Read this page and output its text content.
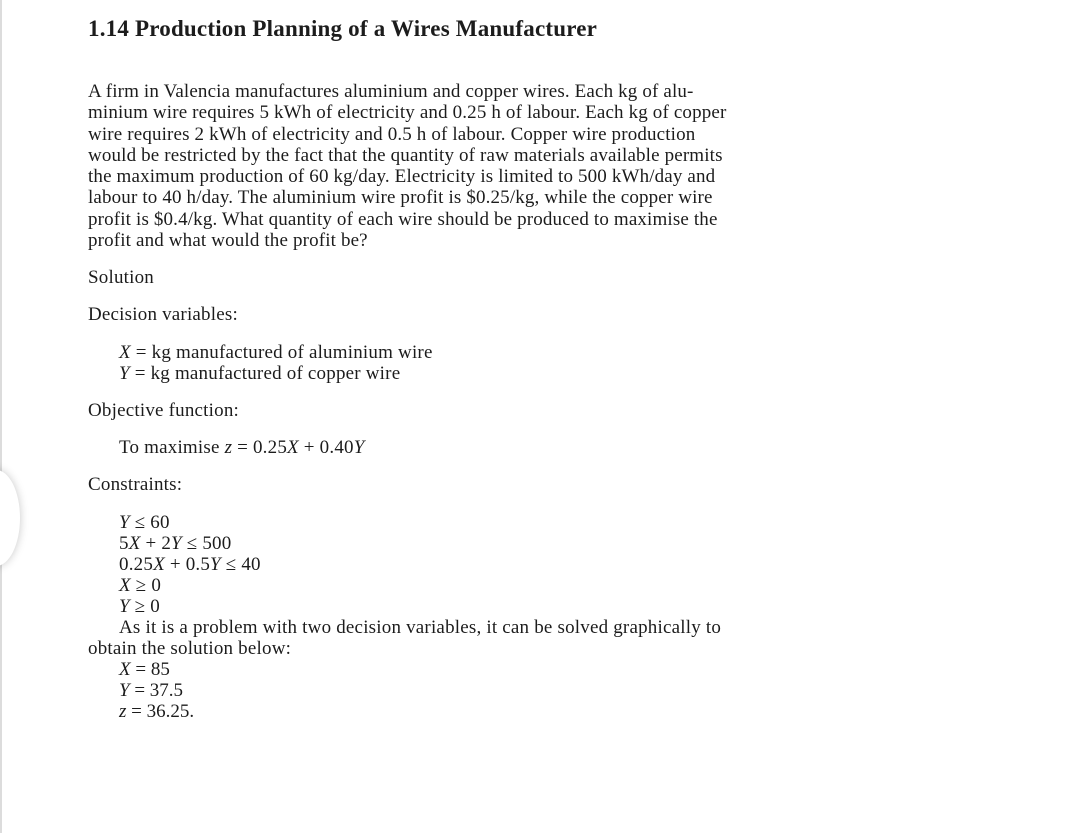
1.14 Production Planning of a Wires Manufacturer
A firm in Valencia manufactures aluminium and copper wires. Each kg of alu-
minium wire requires 5 kWh of electricity and 0.25 h of labour. Each kg of copper
wire requires 2 kWh of electricity and 0.5 h of labour. Copper wire production
would be restricted by the fact that the quantity of raw materials available permits
the maximum production of 60 kg/day. Electricity is limited to 500 kWh/day and
labour to 40 h/day. The aluminium wire profit is $0.25/kg, while the copper wire
profit is $0.4/kg. What quantity of each wire should be produced to maximise the
profit and what would the profit be?
Solution
Decision variables:
X = kg manufactured of aluminium wire
Y = kg manufactured of copper wire
Objective function:
To maximise z = 0.25X + 0.40Y
Constraints:
Y ≤ 60
5X + 2Y ≤ 500
0.25X + 0.5Y ≤ 40
X ≥ 0
Y ≥ 0
As it is a problem with two decision variables, it can be solved graphically to
obtain the solution below:
X = 85
Y = 37.5
z = 36.25.
